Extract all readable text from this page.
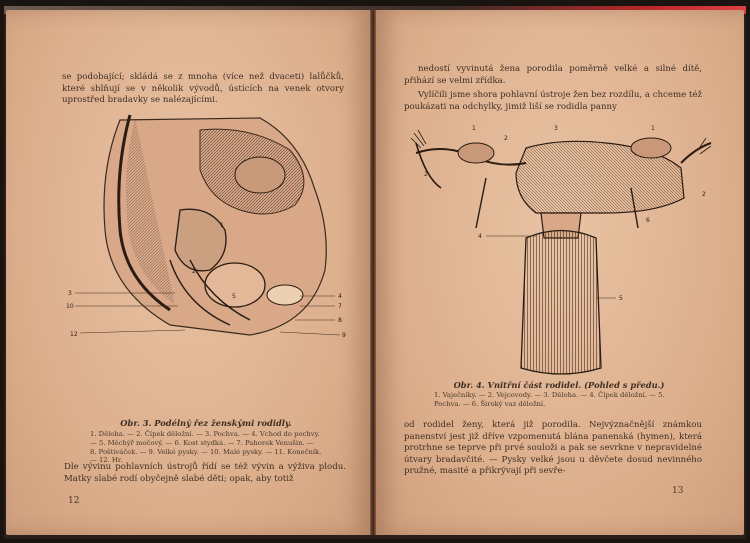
se podobající; skládá se z mnoha (více než dvaceti) lalůčků, které shlňují se v několik vývodů, ústících na venek otvory uprostřed bradavky se nalézajícími.
1
2
5
3
10
12
4
7
8
9
Obr. 3. Podélný řez ženskými rodidly.
1. Děloha. — 2. Čípek děložní. — 3. Pochva. — 4. Vchod do pochvy. — 5. Měchýř močový. — 6. Kost stydká. — 7. Pahorek Venušin. — 8. Poštiváček. — 9. Velké pysky. — 10. Malé pysky. — 11. Konečník. — 12. Hr.
Dle vývinu pohlavních ústrojů řídí se též vývin a výživa plodu. Matky slabé rodí obyčejně slabé děti; opak, aby totiž
12
nedostí vyvinutá žena porodila poměrně velké a silné dítě, přihází se velmi zřídka.
Vylíčili jsme shora pohlavní ústroje žen bez rozdílu, a chceme též poukázati na odchylky, jimiž liší se rodidla panny
1	1
2
2
2
3
4
5
6
Obr. 4. Vnitřní část rodidel. (Pohled s předu.)
1. Vaječníky. — 2. Vejcovody. — 3. Děloha. — 4. Čípek děložní. — 5. Pochva. — 6. Široký vaz děložní.
od rodidel ženy, která již porodila. Nejvýznačnější známkou panenství jest již dříve vzpomenutá blána panenská (hymen), která protrhne se teprve při prvé souloži a pak se sevrkne v nepravidelné útvary bradavčité. — Pysky velké jsou u děvčete dosud nevinného pružné, masité a přikrývají při sevře-
13
